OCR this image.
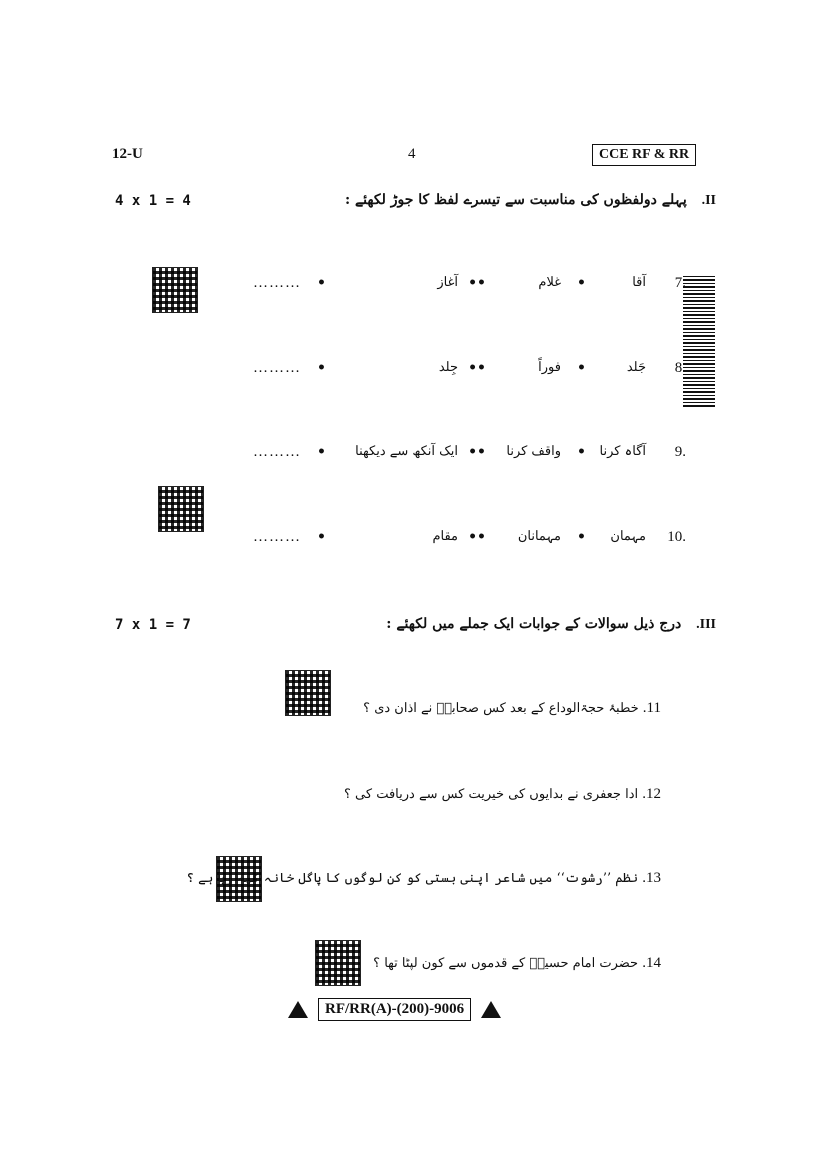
12-U	4	CCE RF & RR
II. پہلے دولفظوں کی مناسبت سے تیسرے لفظ کا جوڑ لکھئے :
4 x 1 = 4
7.
آقا
•
غلام
••
آغاز
•
………
8.
جَلد
•
فوراً
••
جِلد
•
………
9.
آگاہ کرنا
•
واقف کرنا
••
ایک آنکھ سے دیکھنا
•
………
10.
مہمان
•
مہمانان
••
مقام
•
………
III. درج ذیل سوالات کے جوابات ایک جملے میں لکھئے :
7 x 1 = 7
11. خطبۂ حجۃالوداع کے بعد کس صحابیؓ نے اذان دی ؟
12. ادا جعفری نے بدایوں کی خیریت کس سے دریافت کی ؟
13. نظم ’’رشوت‘‘ میں شاعر اپنی بستی کو کن لوگوں کا پاگل خانہ کہہ رہا ہے ؟
14. حضرت امام حسینؓ کے قدموں سے کون لپٹا تھا ؟
RF/RR(A)-(200)-9006
